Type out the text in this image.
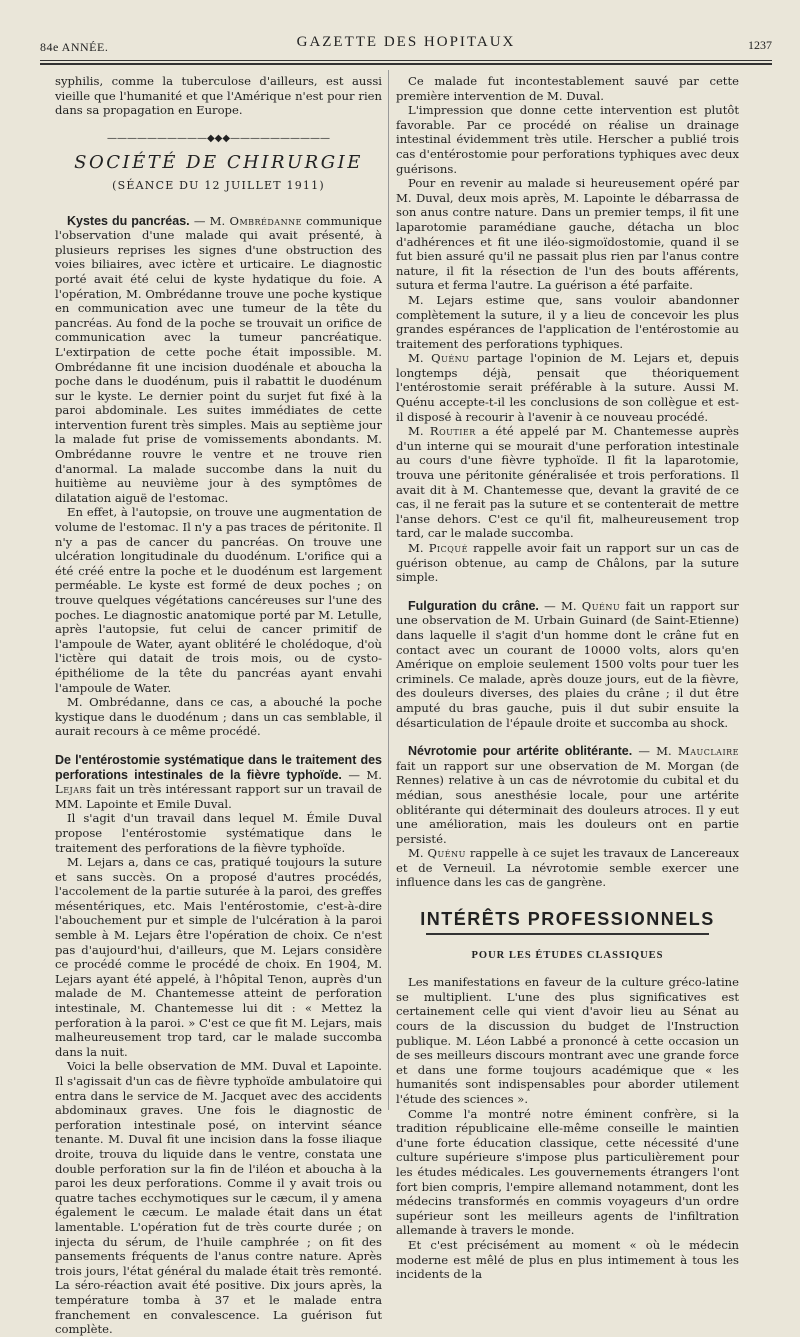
84e ANNÉE.	GAZETTE DES HOPITAUX	1237

syphilis, comme la tuberculose d'ailleurs, est aussi vieille que l'humanité et que l'Amérique n'est pour rien dans sa propagation en Europe.

——————————◆◆◆——————————
SOCIÉTÉ DE CHIRURGIE
(SÉANCE DU 12 JUILLET 1911)

Kystes du pancréas. — M. Ombrédanne communique l'observation d'une malade qui avait présenté, à plusieurs reprises les signes d'une obstruction des voies biliaires, avec ictère et urticaire. Le diagnostic porté avait été celui de kyste hydatique du foie. A l'opération, M. Ombrédanne trouve une poche kystique en communication avec une tumeur de la tête du pancréas. Au fond de la poche se trouvait un orifice de communication avec la tumeur pancréatique. L'extirpation de cette poche était impossible. M. Ombrédanne fit une incision duodénale et aboucha la poche dans le duodénum, puis il rabattit le duodénum sur le kyste. Le dernier point du surjet fut fixé à la paroi abdominale. Les suites immédiates de cette intervention furent très simples. Mais au septième jour la malade fut prise de vomissements abondants. M. Ombrédanne rouvre le ventre et ne trouve rien d'anormal. La malade succombe dans la nuit du huitième au neuvième jour à des symptômes de dilatation aiguë de l'estomac.

En effet, à l'autopsie, on trouve une augmentation de volume de l'estomac. Il n'y a pas traces de péritonite. Il n'y a pas de cancer du pancréas. On trouve une ulcération longitudinale du duodénum. L'orifice qui a été créé entre la poche et le duodénum est largement perméable. Le kyste est formé de deux poches ; on trouve quelques végétations cancéreuses sur l'une des poches. Le diagnostic anatomique porté par M. Letulle, après l'autopsie, fut celui de cancer primitif de l'ampoule de Water, ayant oblitéré le cholédoque, d'où l'ictère qui datait de trois mois, ou de cysto-épithéliome de la tête du pancréas ayant envahi l'ampoule de Water.

M. Ombrédanne, dans ce cas, a abouché la poche kystique dans le duodénum ; dans un cas semblable, il aurait recours à ce même procédé.

De l'entérostomie systématique dans le traitement des perforations intestinales de la fièvre typhoïde. — M. Lejars fait un très intéressant rapport sur un travail de MM. Lapointe et Emile Duval.

Il s'agit d'un travail dans lequel M. Émile Duval propose l'entérostomie systématique dans le traitement des perforations de la fièvre typhoïde.

M. Lejars a, dans ce cas, pratiqué toujours la suture et sans succès. On a proposé d'autres procédés, l'accolement de la partie suturée à la paroi, des greffes mésentériques, etc. Mais l'entérostomie, c'est-à-dire l'abouchement pur et simple de l'ulcération à la paroi semble à M. Lejars être l'opération de choix. Ce n'est pas d'aujourd'hui, d'ailleurs, que M. Lejars considère ce procédé comme le procédé de choix. En 1904, M. Lejars ayant été appelé, à l'hôpital Tenon, auprès d'un malade de M. Chantemesse atteint de perforation intestinale, M. Chantemesse lui dit : « Mettez la perforation à la paroi. » C'est ce que fit M. Lejars, mais malheureusement trop tard, car le malade succomba dans la nuit.

Voici la belle observation de MM. Duval et Lapointe. Il s'agissait d'un cas de fièvre typhoïde ambulatoire qui entra dans le service de M. Jacquet avec des accidents abdominaux graves. Une fois le diagnostic de perforation intestinale posé, on intervint séance tenante. M. Duval fit une incision dans la fosse iliaque droite, trouva du liquide dans le ventre, constata une double perforation sur la fin de l'iléon et aboucha à la paroi les deux perforations. Comme il y avait trois ou quatre taches ecchymotiques sur le cæcum, il y amena également le cæcum. Le malade était dans un état lamentable. L'opération fut de très courte durée ; on injecta du sérum, de l'huile camphrée ; on fit des pansements fréquents de l'anus contre nature. Après trois jours, l'état général du malade était très remonté. La séro-réaction avait été positive. Dix jours après, la température tomba à 37 et le malade entra franchement en convalescence. La guérison fut complète.

Ce malade fut incontestablement sauvé par cette première intervention de M. Duval.

L'impression que donne cette intervention est plutôt favorable. Par ce procédé on réalise un drainage intestinal évidemment très utile. Herscher a publié trois cas d'entérostomie pour perforations typhiques avec deux guérisons.

Pour en revenir au malade si heureusement opéré par M. Duval, deux mois après, M. Lapointe le débarrassa de son anus contre nature. Dans un premier temps, il fit une laparotomie paramédiane gauche, détacha un bloc d'adhérences et fit une iléo-sigmoïdostomie, quand il se fut bien assuré qu'il ne passait plus rien par l'anus contre nature, il fit la résection de l'un des bouts afférents, sutura et ferma l'autre. La guérison a été parfaite.

M. Lejars estime que, sans vouloir abandonner complètement la suture, il y a lieu de concevoir les plus grandes espérances de l'application de l'entérostomie au traitement des perforations typhiques.

M. Quénu partage l'opinion de M. Lejars et, depuis longtemps déjà, pensait que théoriquement l'entérostomie serait préférable à la suture. Aussi M. Quénu accepte-t-il les conclusions de son collègue et est-il disposé à recourir à l'avenir à ce nouveau procédé.

M. Routier a été appelé par M. Chantemesse auprès d'un interne qui se mourait d'une perforation intestinale au cours d'une fièvre typhoïde. Il fit la laparotomie, trouva une péritonite généralisée et trois perforations. Il avait dit à M. Chantemesse que, devant la gravité de ce cas, il ne ferait pas la suture et se contenterait de mettre l'anse dehors. C'est ce qu'il fit, malheureusement trop tard, car le malade succomba.

M. Picqué rappelle avoir fait un rapport sur un cas de guérison obtenue, au camp de Châlons, par la suture simple.

Fulguration du crâne. — M. Quénu fait un rapport sur une observation de M. Urbain Guinard (de Saint-Etienne) dans laquelle il s'agit d'un homme dont le crâne fut en contact avec un courant de 10000 volts, alors qu'en Amérique on emploie seulement 1500 volts pour tuer les criminels. Ce malade, après douze jours, eut de la fièvre, des douleurs diverses, des plaies du crâne ; il dut être amputé du bras gauche, puis il dut subir ensuite la désarticulation de l'épaule droite et succomba au shock.

Névrotomie pour artérite oblitérante. — M. Mauclaire fait un rapport sur une observation de M. Morgan (de Rennes) relative à un cas de névrotomie du cubital et du médian, sous anesthésie locale, pour une artérite oblitérante qui déterminait des douleurs atroces. Il y eut une amélioration, mais les douleurs ont en partie persisté.

M. Quénu rappelle à ce sujet les travaux de Lancereaux et de Verneuil. La névrotomie semble exercer une influence dans les cas de gangrène.

INTÉRÊTS PROFESSIONNELS
POUR LES ÉTUDES CLASSIQUES

Les manifestations en faveur de la culture gréco-latine se multiplient. L'une des plus significatives est certainement celle qui vient d'avoir lieu au Sénat au cours de la discussion du budget de l'Instruction publique. M. Léon Labbé a prononcé à cette occasion un de ses meilleurs discours montrant avec une grande force et dans une forme toujours académique que « les humanités sont indispensables pour aborder utilement l'étude des sciences ».

Comme l'a montré notre éminent confrère, si la tradition républicaine elle-même conseille le maintien d'une forte éducation classique, cette nécessité d'une culture supérieure s'impose plus particulièrement pour les études médicales. Les gouvernements étrangers l'ont fort bien compris, l'empire allemand notamment, dont les médecins transformés en commis voyageurs d'un ordre supérieur sont les meilleurs agents de l'infiltration allemande à travers le monde.

Et c'est précisément au moment « où le médecin moderne est mêlé de plus en plus intimement à tous les incidents de la
